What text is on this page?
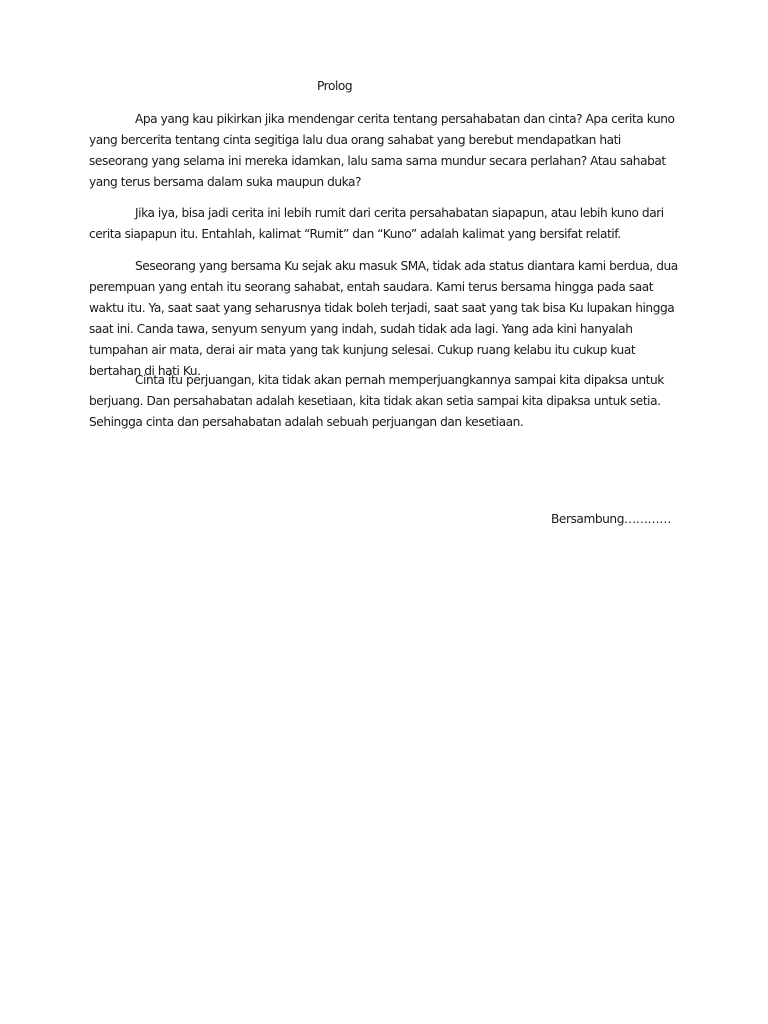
Prolog

Apa yang kau pikirkan jika mendengar cerita tentang persahabatan dan cinta? Apa cerita kuno yang bercerita tentang cinta segitiga lalu dua orang sahabat yang berebut mendapatkan hati seseorang yang selama ini mereka idamkan, lalu sama sama mundur secara perlahan? Atau sahabat yang terus bersama dalam suka maupun duka?

Jika iya, bisa jadi cerita ini lebih rumit dari cerita persahabatan siapapun, atau lebih kuno dari cerita siapapun itu. Entahlah, kalimat “Rumit” dan “Kuno” adalah kalimat yang bersifat relatif.

Seseorang yang bersama Ku sejak aku masuk SMA, tidak ada status diantara kami berdua, dua perempuan yang entah itu seorang sahabat, entah saudara. Kami terus bersama hingga pada saat waktu itu. Ya, saat saat yang seharusnya tidak boleh terjadi, saat saat yang tak bisa Ku lupakan hingga saat ini. Canda tawa, senyum senyum yang indah, sudah tidak ada lagi. Yang ada kini hanyalah tumpahan air mata, derai air mata yang tak kunjung selesai. Cukup ruang kelabu itu cukup kuat bertahan di hati Ku.

Cinta itu perjuangan, kita tidak akan pernah memperjuangkannya sampai kita dipaksa untuk berjuang. Dan persahabatan adalah kesetiaan, kita tidak akan setia sampai kita dipaksa untuk setia. Sehingga cinta dan persahabatan adalah sebuah perjuangan dan kesetiaan.

Bersambung…………
